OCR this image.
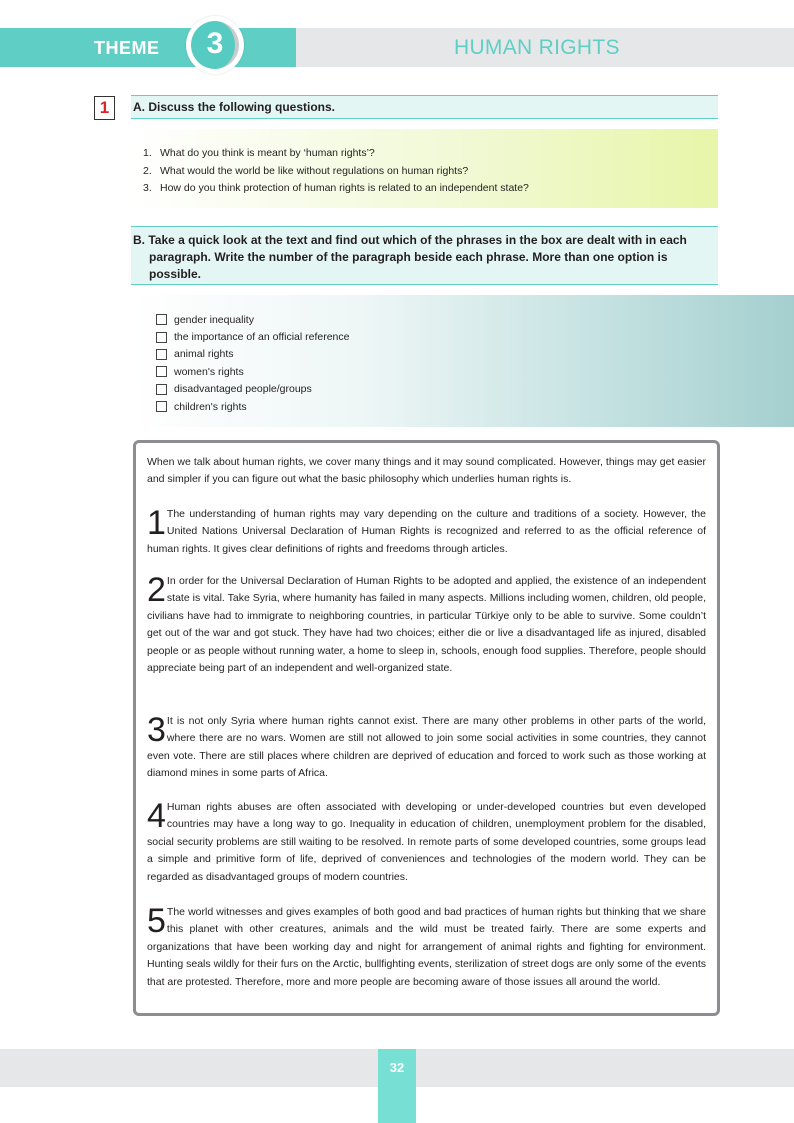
THEME	3	HUMAN RIGHTS
1	A. Discuss the following questions.
1. What do you think is meant by ‘human rights’?
2. What would the world be like without regulations on human rights?
3. How do you think protection of human rights is related to an independent state?
B. Take a quick look at the text and find out which of the phrases in the box are dealt with in each paragraph. Write the number of the paragraph beside each phrase. More than one option is possible.
gender inequality
the importance of an official reference
animal rights
women's rights
disadvantaged people/groups
children's rights

When we talk about human rights, we cover many things and it may sound complicated. However, things may get easier and simpler if you can figure out what the basic philosophy which underlies human rights is.

1 The understanding of human rights may vary depending on the culture and traditions of a society. However, the United Nations Universal Declaration of Human Rights is recognized and referred to as the official reference of human rights. It gives clear definitions of rights and freedoms through articles.

2 In order for the Universal Declaration of Human Rights to be adopted and applied, the existence of an independent state is vital. Take Syria, where humanity has failed in many aspects. Millions including women, children, old people, civilians have had to immigrate to neighboring countries, in particular Türkiye only to be able to survive. Some couldn’t get out of the war and got stuck. They have had two choices; either die or live a disadvantaged life as injured, disabled people or as people without running water, a home to sleep in, schools, enough food supplies. Therefore, people should appreciate being part of an independent and well-organized state.

3 It is not only Syria where human rights cannot exist. There are many other problems in other parts of the world, where there are no wars. Women are still not allowed to join some social activities in some countries, they cannot even vote. There are still places where children are deprived of education and forced to work such as those working at diamond mines in some parts of Africa.

4 Human rights abuses are often associated with developing or under-developed countries but even developed countries may have a long way to go. Inequality in education of children, unemployment problem for the disabled, social security problems are still waiting to be resolved. In remote parts of some developed countries, some groups lead a simple and primitive form of life, deprived of conveniences and technologies of the modern world. They can be regarded as disadvantaged groups of modern countries.

5 The world witnesses and gives examples of both good and bad practices of human rights but thinking that we share this planet with other creatures, animals and the wild must be treated fairly. There are some experts and organizations that have been working day and night for arrangement of animal rights and fighting for environment. Hunting seals wildly for their furs on the Arctic, bullfighting events, sterilization of street dogs are only some of the events that are protested. Therefore, more and more people are becoming aware of those issues all around the world.

32
